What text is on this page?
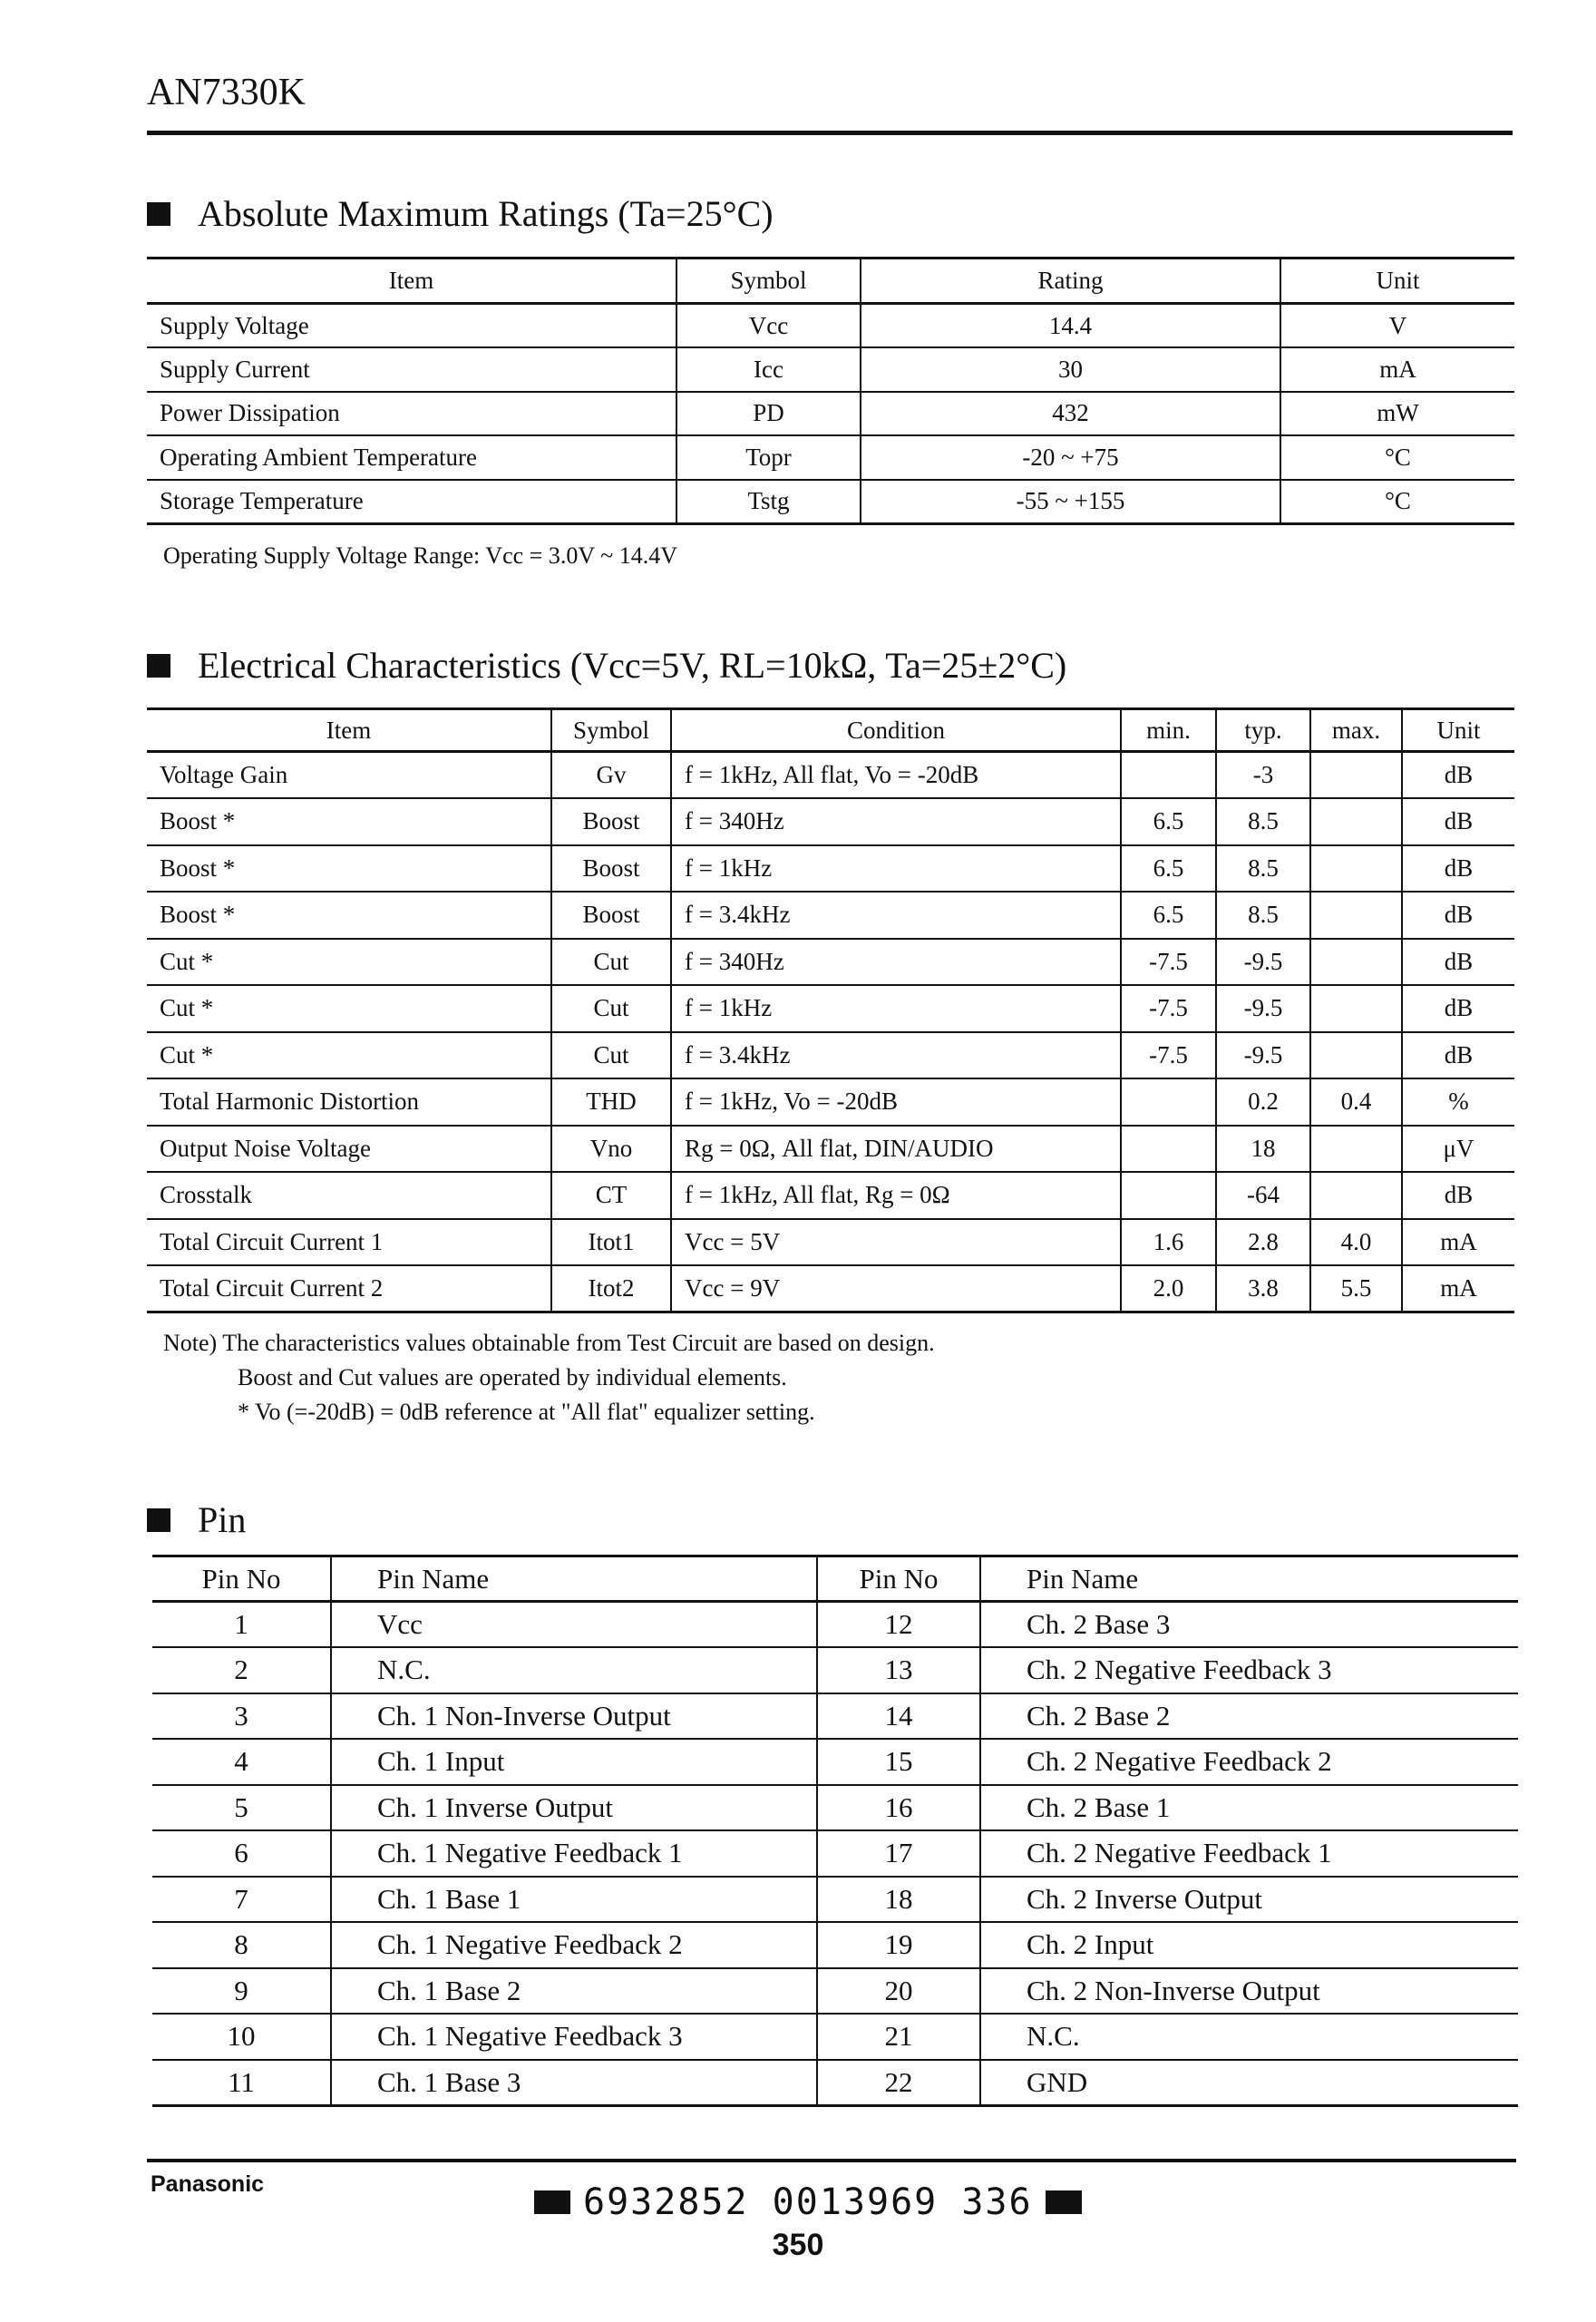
AN7330K
Absolute Maximum Ratings (Ta=25°C)
Item	Symbol	Rating	Unit
Supply Voltage	Vcc	14.4	V
Supply Current	Icc	30	mA
Power Dissipation	PD	432	mW
Operating Ambient Temperature	Topr	-20 ~ +75	°C
Storage Temperature	Tstg	-55 ~ +155	°C
Operating Supply Voltage Range: Vcc = 3.0V ~ 14.4V
Electrical Characteristics (Vcc=5V, RL=10kΩ, Ta=25±2°C)
Item	Symbol	Condition	min.	typ.	max.	Unit
Voltage Gain	Gv	f = 1kHz, All flat, Vo = -20dB		-3		dB
Boost *	Boost	f = 340Hz	6.5	8.5		dB
Boost *	Boost	f = 1kHz	6.5	8.5		dB
Boost *	Boost	f = 3.4kHz	6.5	8.5		dB
Cut *	Cut	f = 340Hz	-7.5	-9.5		dB
Cut *	Cut	f = 1kHz	-7.5	-9.5		dB
Cut *	Cut	f = 3.4kHz	-7.5	-9.5		dB
Total Harmonic Distortion	THD	f = 1kHz, Vo = -20dB		0.2	0.4	%
Output Noise Voltage	Vno	Rg = 0Ω, All flat, DIN/AUDIO		18		μV
Crosstalk	CT	f = 1kHz, All flat, Rg = 0Ω		-64		dB
Total Circuit Current 1	Itot1	Vcc = 5V	1.6	2.8	4.0	mA
Total Circuit Current 2	Itot2	Vcc = 9V	2.0	3.8	5.5	mA
Note) The characteristics values obtainable from Test Circuit are based on design.
Boost and Cut values are operated by individual elements.
* Vo (=-20dB) = 0dB reference at "All flat" equalizer setting.
Pin
Pin No	Pin Name	Pin No	Pin Name
1	Vcc	12	Ch. 2 Base 3
2	N.C.	13	Ch. 2 Negative Feedback 3
3	Ch. 1 Non-Inverse Output	14	Ch. 2 Base 2
4	Ch. 1 Input	15	Ch. 2 Negative Feedback 2
5	Ch. 1 Inverse Output	16	Ch. 2 Base 1
6	Ch. 1 Negative Feedback 1	17	Ch. 2 Negative Feedback 1
7	Ch. 1 Base 1	18	Ch. 2 Inverse Output
8	Ch. 1 Negative Feedback 2	19	Ch. 2 Input
9	Ch. 1 Base 2	20	Ch. 2 Non-Inverse Output
10	Ch. 1 Negative Feedback 3	21	N.C.
11	Ch. 1 Base 3	22	GND
Panasonic	6932852 0013969 336
350
